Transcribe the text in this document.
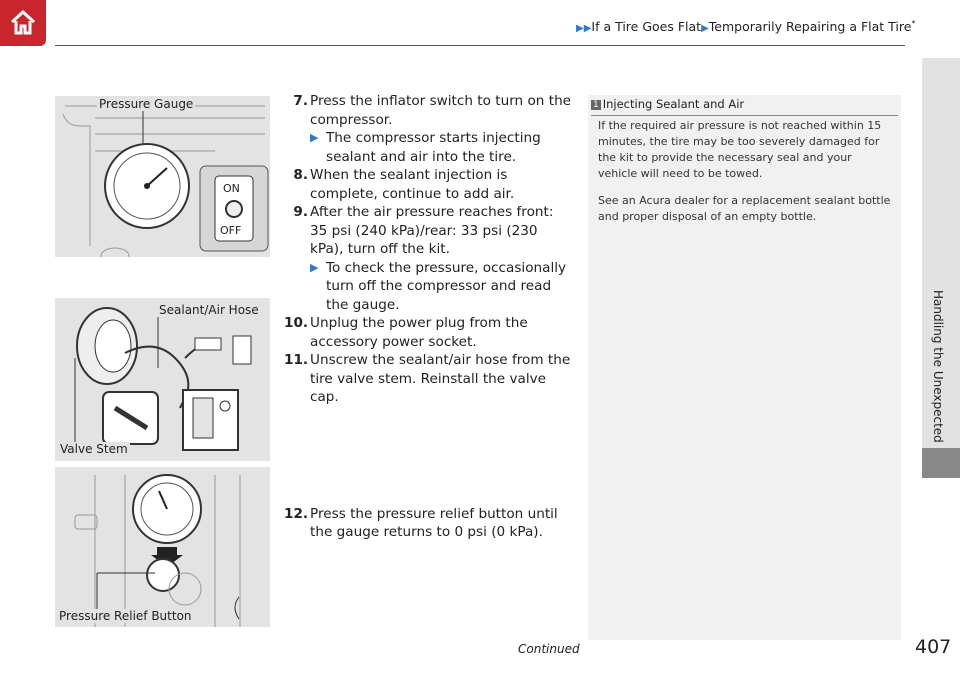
▶▶If a Tire Goes Flat▶Temporarily Repairing a Flat Tire*
Handling the Unexpected
Pressure Gauge
ON
OFF
Sealant/Air Hose
Valve Stem
Pressure Relief Button
7. Press the inflator switch to turn on the compressor.
▶ The compressor starts injecting sealant and air into the tire.
8. When the sealant injection is complete, continue to add air.
9. After the air pressure reaches front: 35 psi (240 kPa)/rear: 33 psi (230 kPa), turn off the kit.
▶ To check the pressure, occasionally turn off the compressor and read the gauge.
10. Unplug the power plug from the accessory power socket.
11. Unscrew the sealant/air hose from the tire valve stem. Reinstall the valve cap.
12. Press the pressure relief button until the gauge returns to 0 psi (0 kPa).
1 Injecting Sealant and Air

If the required air pressure is not reached within 15 minutes, the tire may be too severely damaged for the kit to provide the necessary seal and your vehicle will need to be towed.

See an Acura dealer for a replacement sealant bottle and proper disposal of an empty bottle.

Continued	407
